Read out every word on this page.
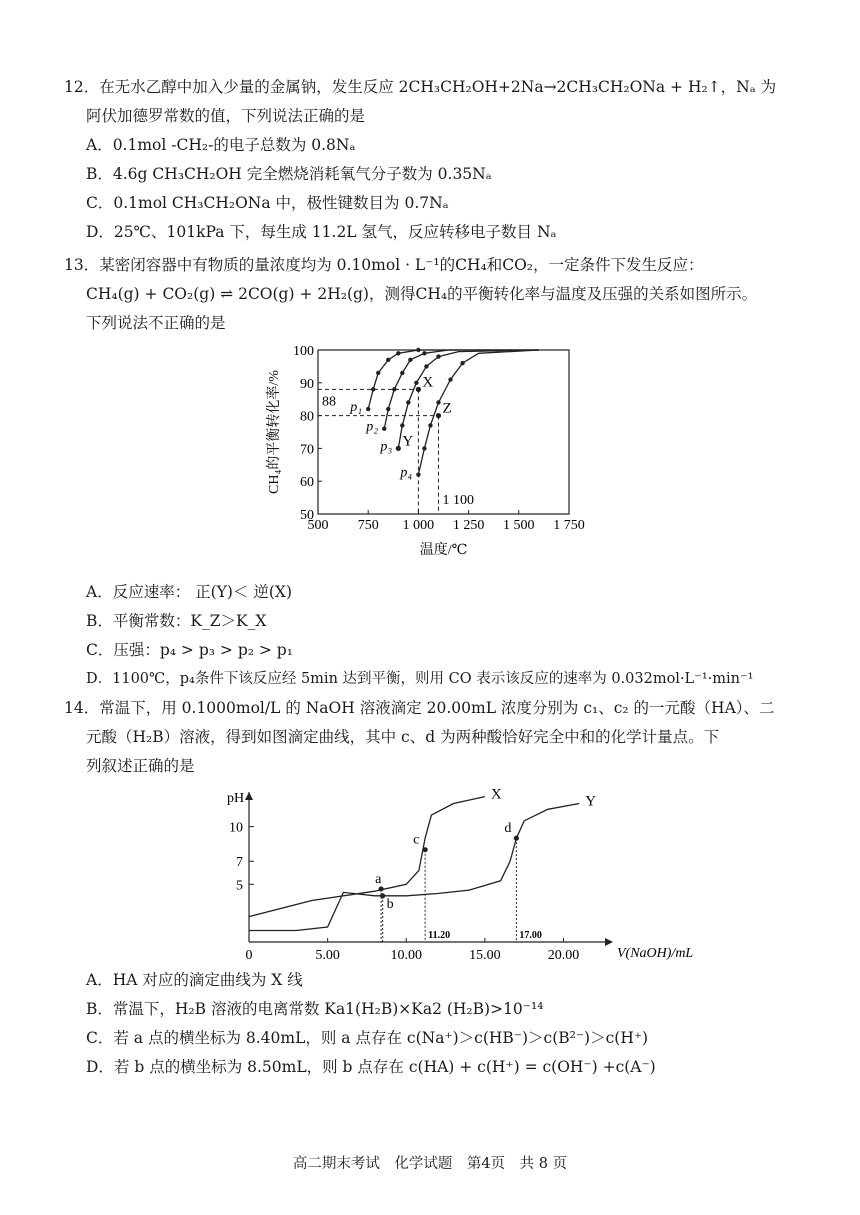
12．在无水乙醇中加入少量的金属钠，发生反应 2CH₃CH₂OH+2Na→2CH₃CH₂ONa + H₂↑，Nₐ 为
阿伏加德罗常数的值，下列说法正确的是
A．0.1mol -CH₂-的电子总数为 0.8Nₐ
B．4.6g CH₃CH₂OH 完全燃烧消耗氧气分子数为 0.35Nₐ
C．0.1mol CH₃CH₂ONa 中，极性键数目为 0.7Nₐ
D．25℃、101kPa 下，每生成 11.2L 氢气，反应转移电子数目 Nₐ
13．某密闭容器中有物质的量浓度均为 0.10mol · L⁻¹的CH₄和CO₂，一定条件下发生反应：
CH₄(g) + CO₂(g) ⇌ 2CO(g) + 2H₂(g)，测得CH₄的平衡转化率与温度及压强的关系如图所示。
下列说法不正确的是
500 750 1 000 1 250 1 500 1 750
50
60
70
80
90
100
温度/℃
CH₄的平衡转化率/%	88
1 100
p₁
p₂
p₃
p₄
X
Y
Z
A．反应速率： 正(Y)＜ 逆(X)
B．平衡常数：K_Z＞K_X
C．压强：p₄ > p₃ > p₂ > p₁
D．1100℃，p₄条件下该反应经 5min 达到平衡，则用 CO 表示该反应的速率为 0.032mol·L⁻¹·min⁻¹
14．常温下，用 0.1000mol/L 的 NaOH 溶液滴定 20.00mL 浓度分别为 c₁、c₂ 的一元酸（HA）、二
元酸（H₂B）溶液，得到如图滴定曲线，其中 c、d 为两种酸恰好完全中和的化学计量点。下
列叙述正确的是
pH
V(NaOH)/mL
0	5.00	10.00	15.00	20.00
5
7
10
X	Y
a
b
c
d
11.20	17.00
A．HA 对应的滴定曲线为 X 线
B．常温下，H₂B 溶液的电离常数 Ka1(H₂B)×Ka2 (H₂B)>10⁻¹⁴
C．若 a 点的横坐标为 8.40mL，则 a 点存在 c(Na⁺)＞c(HB⁻)＞c(B²⁻)＞c(H⁺)
D．若 b 点的横坐标为 8.50mL，则 b 点存在 c(HA) + c(H⁺) = c(OH⁻) +c(A⁻)
高二期末考试　化学试题　第4页　共 8 页
